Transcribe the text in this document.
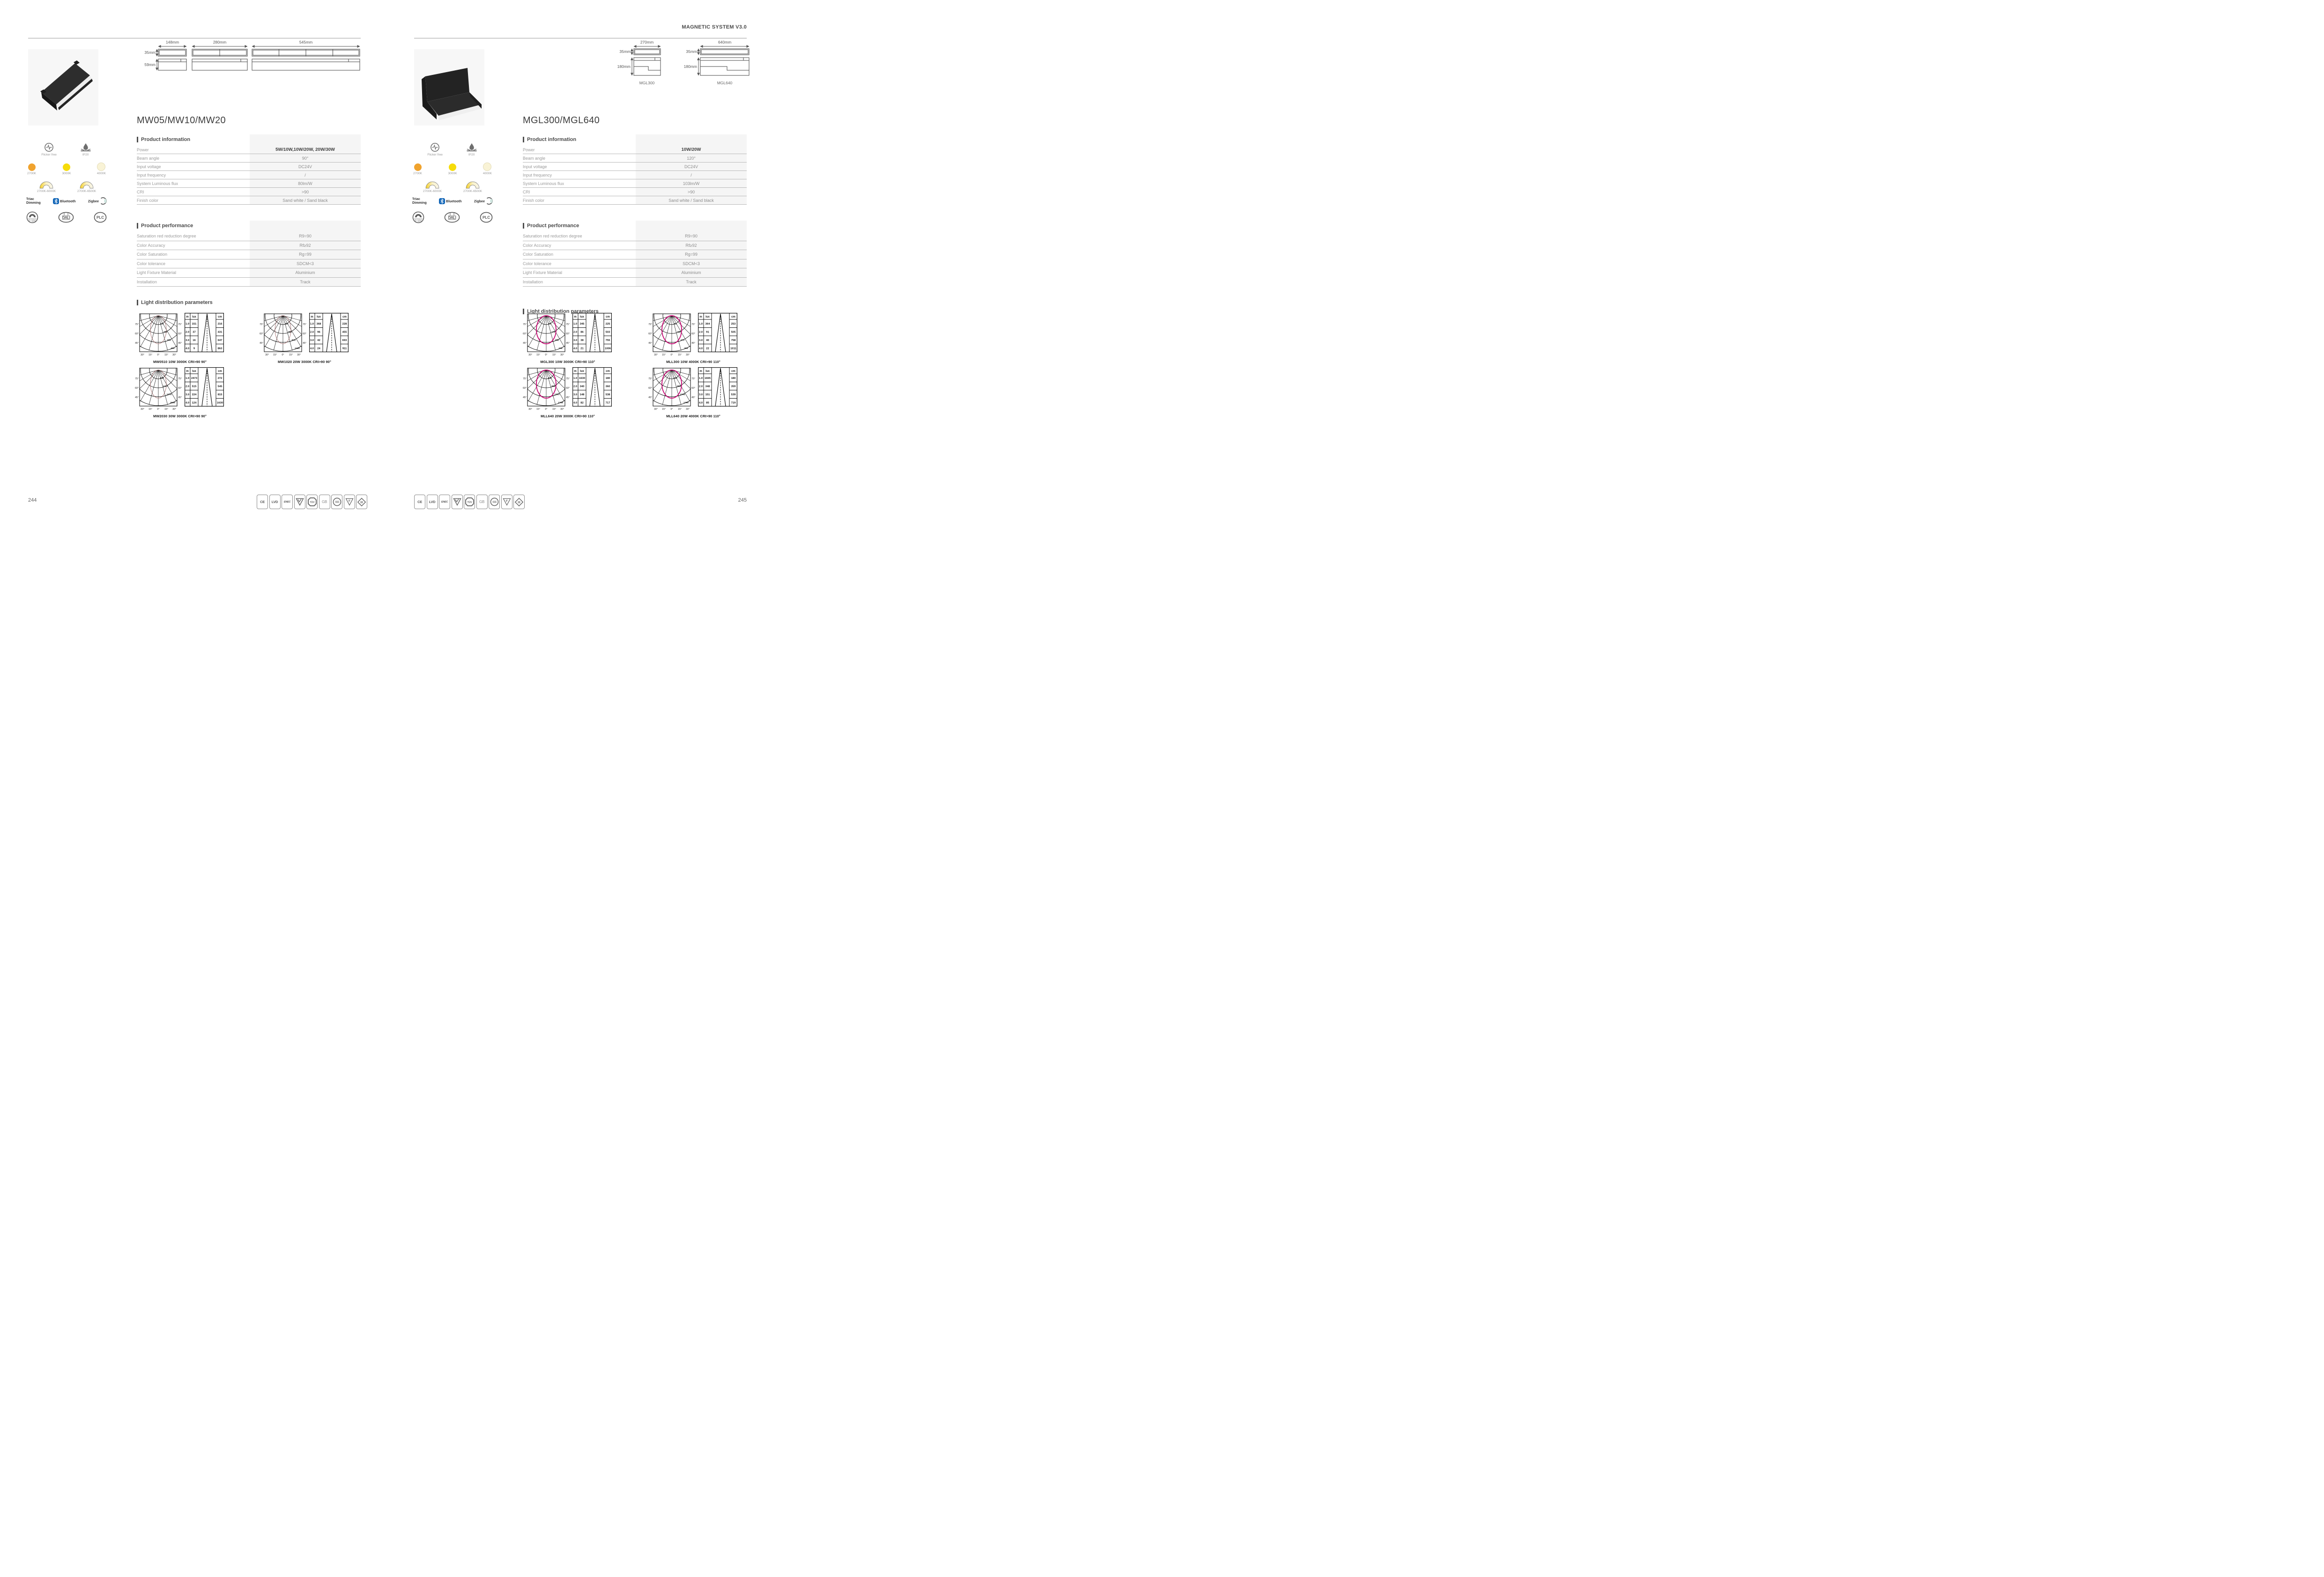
MAGNETIC SYSTEM V3.0
148mm	280mm	545mm
35mm
59mm
270mm	640mm
35mm	35mm
180mm	180mm
MGL300	MGL640
MW05/MW10/MW20	MGL300/MGL640
Flicker free	IP20
2700K	3000K	4000K
2700K-6000K	2700K-6500K
Triac
Dimming	Bluetooth	Zigbee
0~10V
DALI	PLC
Flicker free	IP20
2700K	3000K	4000K
2700K-6000K	2700K-6500K
Triac
Dimming	Bluetooth	Zigbee
0~10V
DALI	PLC
Product information
Power	5W/10W,10W/20W, 20W/30W
Beam angle	90°
Input voltage	DC24V
Input frequency	/
System Luminous flux	80lm/W
CRI	>90
Finish color	Sand white / Sand black
Product information
Power	10W/20W
Beam angle	120°
Input voltage	DC24V
Input frequency	/
System Luminous flux	103lm/W
CRI	>90
Finish color	Sand white / Sand black
Product performance
Saturation red reduction degree	R9=90
Color Accuracy	Rf≥92
Color Saturation	Rg=99
Color tolerance	SDCM<3
Light Fixture Material	Aluminium
Installation	Track
Product performance
Saturation red reduction degree	R9=90
Color Accuracy	Rf≥92
Color Saturation	Rg=99
Color tolerance	SDCM<3
Light Fixture Material	Aluminium
Installation	Track
Light distribution parameters
Light distribution parameters
0
101
202
304
405
75°	75°
60°	60°
45°	45°
30° 15° 0° 15° 30°
m lux	cm
1.0 151	216
2.0 37	431
3.0 16	647
4.0 9	863
MW0510 10W 3000K CRI>90 90°
0
281
562
843
1124
75°	75°
60°	60°
45°	45°
30° 15° 0° 15° 30°
m lux	cm
1.0 368	228
2.0 96	455
3.0 42	693
4.0 24	911
MW1020 20W 3000K CRI>90 90°
0
658
1317
1976
2635
75°	75°
60°	60°
45°	45°
30° 15° 0° 15° 30°
m lux	cm
1.0 2473	272
2.0 515	545
3.0 224	815
4.0 124	1630
MW2030 30W 3000K CRI>90 90°
0
86
172
258
345
75°	75°
60°	60°
45°	45°
30° 15° 0° 15° 30°
m lux	cm
1.0 345	225
2.0 86	503
3.0 38	755
4.0 21	1006
MGL300 10W 3000K CRI>90 110°
0
91
182
273
364
75°	75°
60°	60°
45°	45°
30° 15° 0° 15° 30°
m lux	cm
1.0 364	253
2.0 91	505
3.0 40	758
4.0 22	1011
MLL300 10W 4000K CRI>90 110°
0
434
869
1303
1738
75°	75°
60°	60°
45°	45°
30° 15° 0° 15° 30°
m lux	cm
1.0 1630	180
2.0 340	360
3.0 148	538
4.0 82	717
MLL640 20W 3000K CRI>90 110°
0
449
898
1346
1795
75°	75°
60°	60°
45°	45°
30° 15° 0° 15° 30°
m lux	cm
1.0 1665	180
2.0 348	359
3.0 151	539
4.0 85	719
MLL640 20W 4000K CRI>90 110°
CE LVD ENEC	TÜV GB	CCC	F	III	CE LVD ENEC	TÜV GB	CCC	F	III
244	245
